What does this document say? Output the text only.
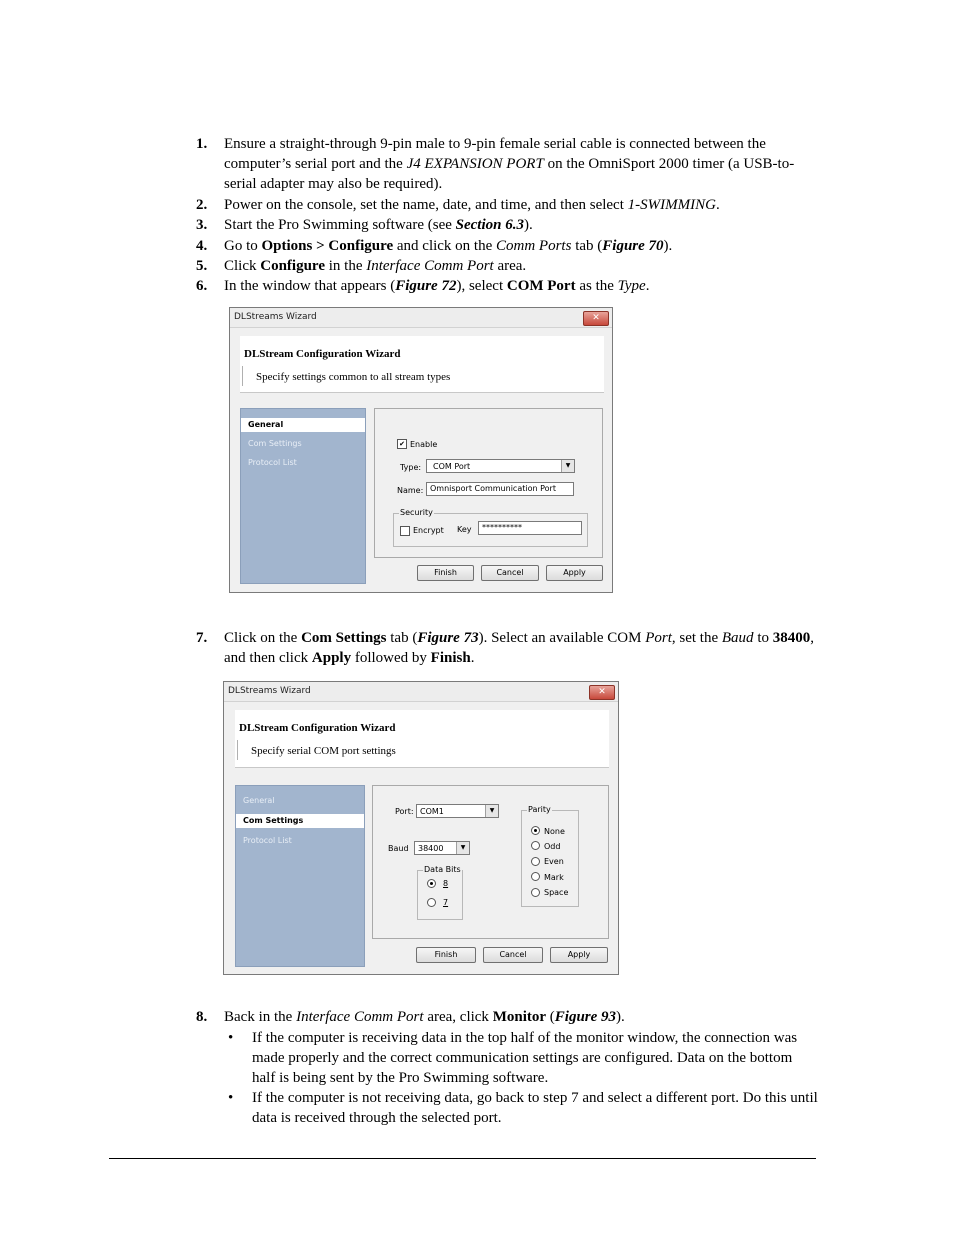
1. Ensure a straight-through 9-pin male to 9-pin female serial cable is connected between the computer’s serial port and the J4 EXPANSION PORT on the OmniSport 2000 timer (a USB-to-serial adapter may also be required).
2. Power on the console, set the name, date, and time, and then select 1-SWIMMING.
3. Start the Pro Swimming software (see Section 6.3).
4. Go to Options > Configure and click on the Comm Ports tab (Figure 70).
5. Click Configure in the Interface Comm Port area.
6. In the window that appears (Figure 72), select COM Port as the Type.
DLStreams Wizard	✕
DLStream Configuration Wizard
Specify settings common to all stream types
General
Com Settings
Protocol List
✔ Enable
Type: COM Port	▼
Name: Omnisport Communication Port
Security
Encrypt Key	**********
Finish	Cancel	Apply
7. Click on the Com Settings tab (Figure 73). Select an available COM Port, set the Baud to 38400, and then click Apply followed by Finish.
DLStreams Wizard	✕
DLStream Configuration Wizard
Specify serial COM port settings
General
Com Settings
Protocol List
Port: COM1	▼
Baud 38400	▼
Data Bits
8
7
Parity
None
Odd
Even
Mark
Space
Finish	Cancel	Apply
8. Back in the Interface Comm Port area, click Monitor (Figure 93).
• If the computer is receiving data in the top half of the monitor window, the connection was made properly and the correct communication settings are configured. Data on the bottom half is being sent by the Pro Swimming software.
• If the computer is not receiving data, go back to step 7 and select a different port. Do this until data is received through the selected port.
